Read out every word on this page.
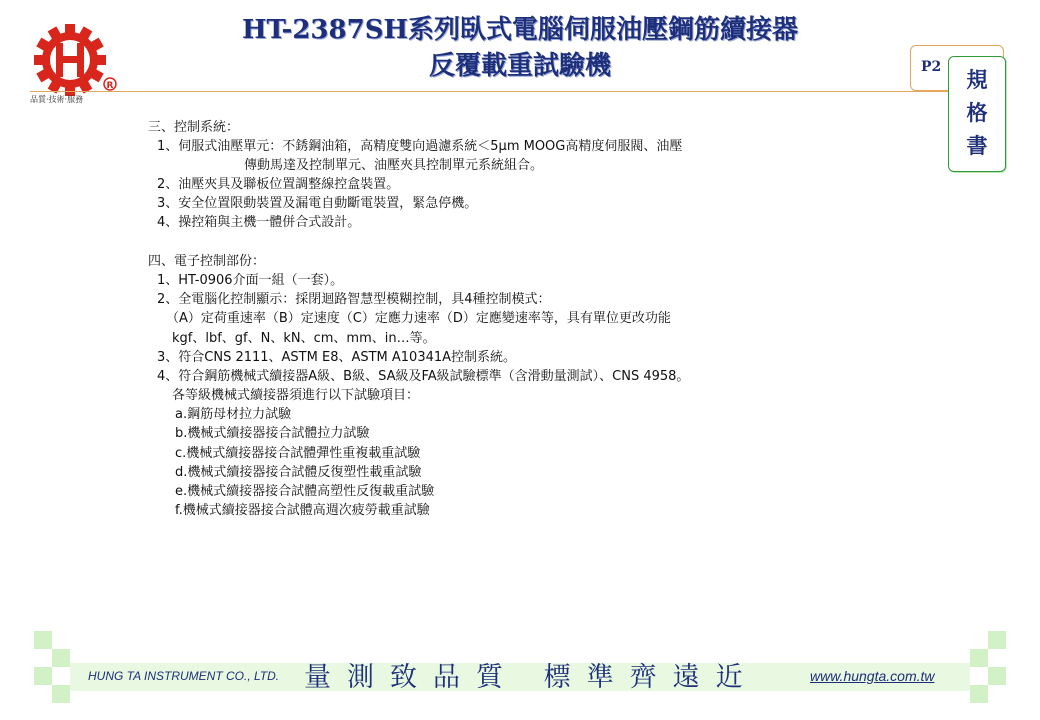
R
品質‧技術‧服務
HT-2387SH系列臥式電腦伺服油壓鋼筋續接器
反覆載重試驗機	P2	規
格
書
三、控制系統：
1、伺服式油壓單元：不銹鋼油箱，高精度雙向過濾系統＜5μm MOOG高精度伺服閥、油壓
傳動馬達及控制單元、油壓夾具控制單元系統組合。
2、油壓夾具及聯板位置調整線控盒裝置。
3、安全位置限動裝置及漏電自動斷電裝置，緊急停機。
4、操控箱與主機一體併合式設計。
四、電子控制部份：
1、HT-0906介面一組（一套）。
2、全電腦化控制顯示：採閉迴路智慧型模糊控制，具4種控制模式：
（A）定荷重速率（B）定速度（C）定應力速率（D）定應變速率等，具有單位更改功能
kgf、lbf、gf、N、kN、cm、mm、in…等。
3、符合CNS 2111、ASTM E8、ASTM A10341A控制系統。
4、符合鋼筋機械式續接器A級、B級、SA級及FA級試驗標準（含滑動量測試）、CNS 4958。
各等級機械式續接器須進行以下試驗項目：
a.鋼筋母材拉力試驗
b.機械式續接器接合試體拉力試驗
c.機械式續接器接合試體彈性重複載重試驗
d.機械式續接器接合試體反復塑性載重試驗
e.機械式續接器接合試體高塑性反復載重試驗
f.機械式續接器接合試體高週次疲勞載重試驗
HUNG TA INSTRUMENT CO., LTD. 量測致品質 標準齊遠近	www.hungta.com.tw
